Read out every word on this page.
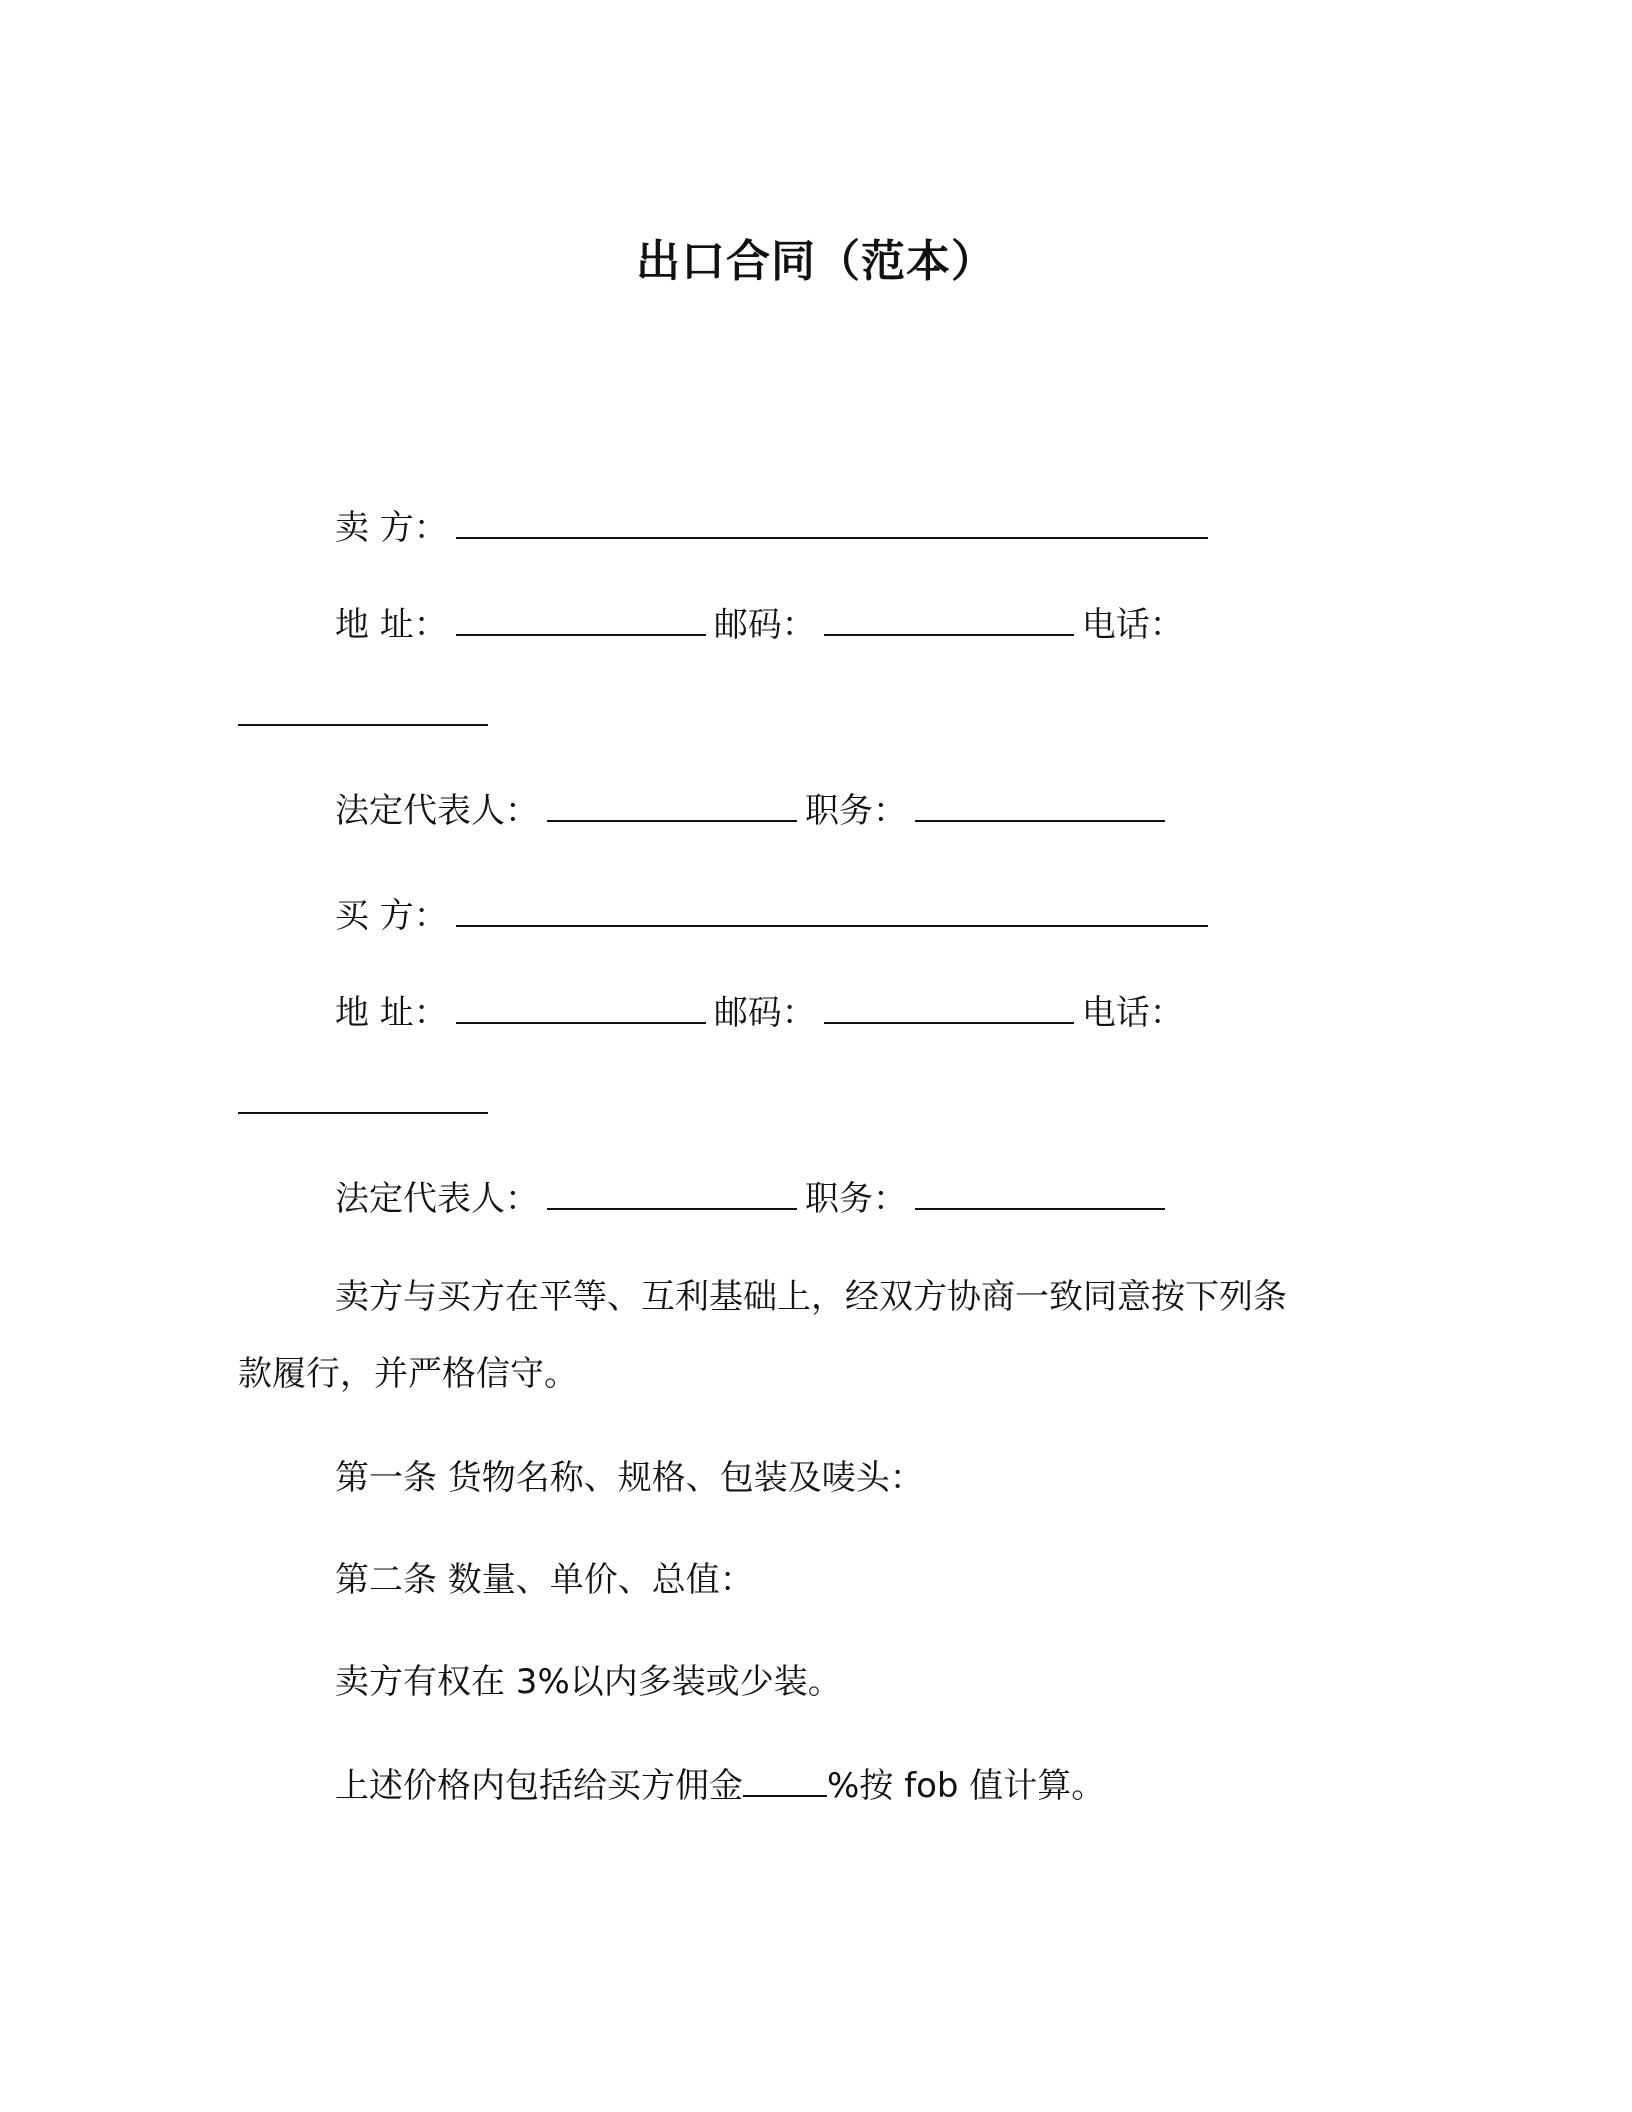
出口合同（范本）
卖 方：
地 址：	邮码：	电话：
法定代表人：	职务：
买 方：
地 址：	邮码：	电话：
法定代表人：	职务：
卖方与买方在平等、互利基础上，经双方协商一致同意按下列条
款履行，并严格信守。
第一条 货物名称、规格、包装及唛头：
第二条 数量、单价、总值：
卖方有权在 3%以内多装或少装。
上述价格内包括给买方佣金 %按 fob 值计算。
